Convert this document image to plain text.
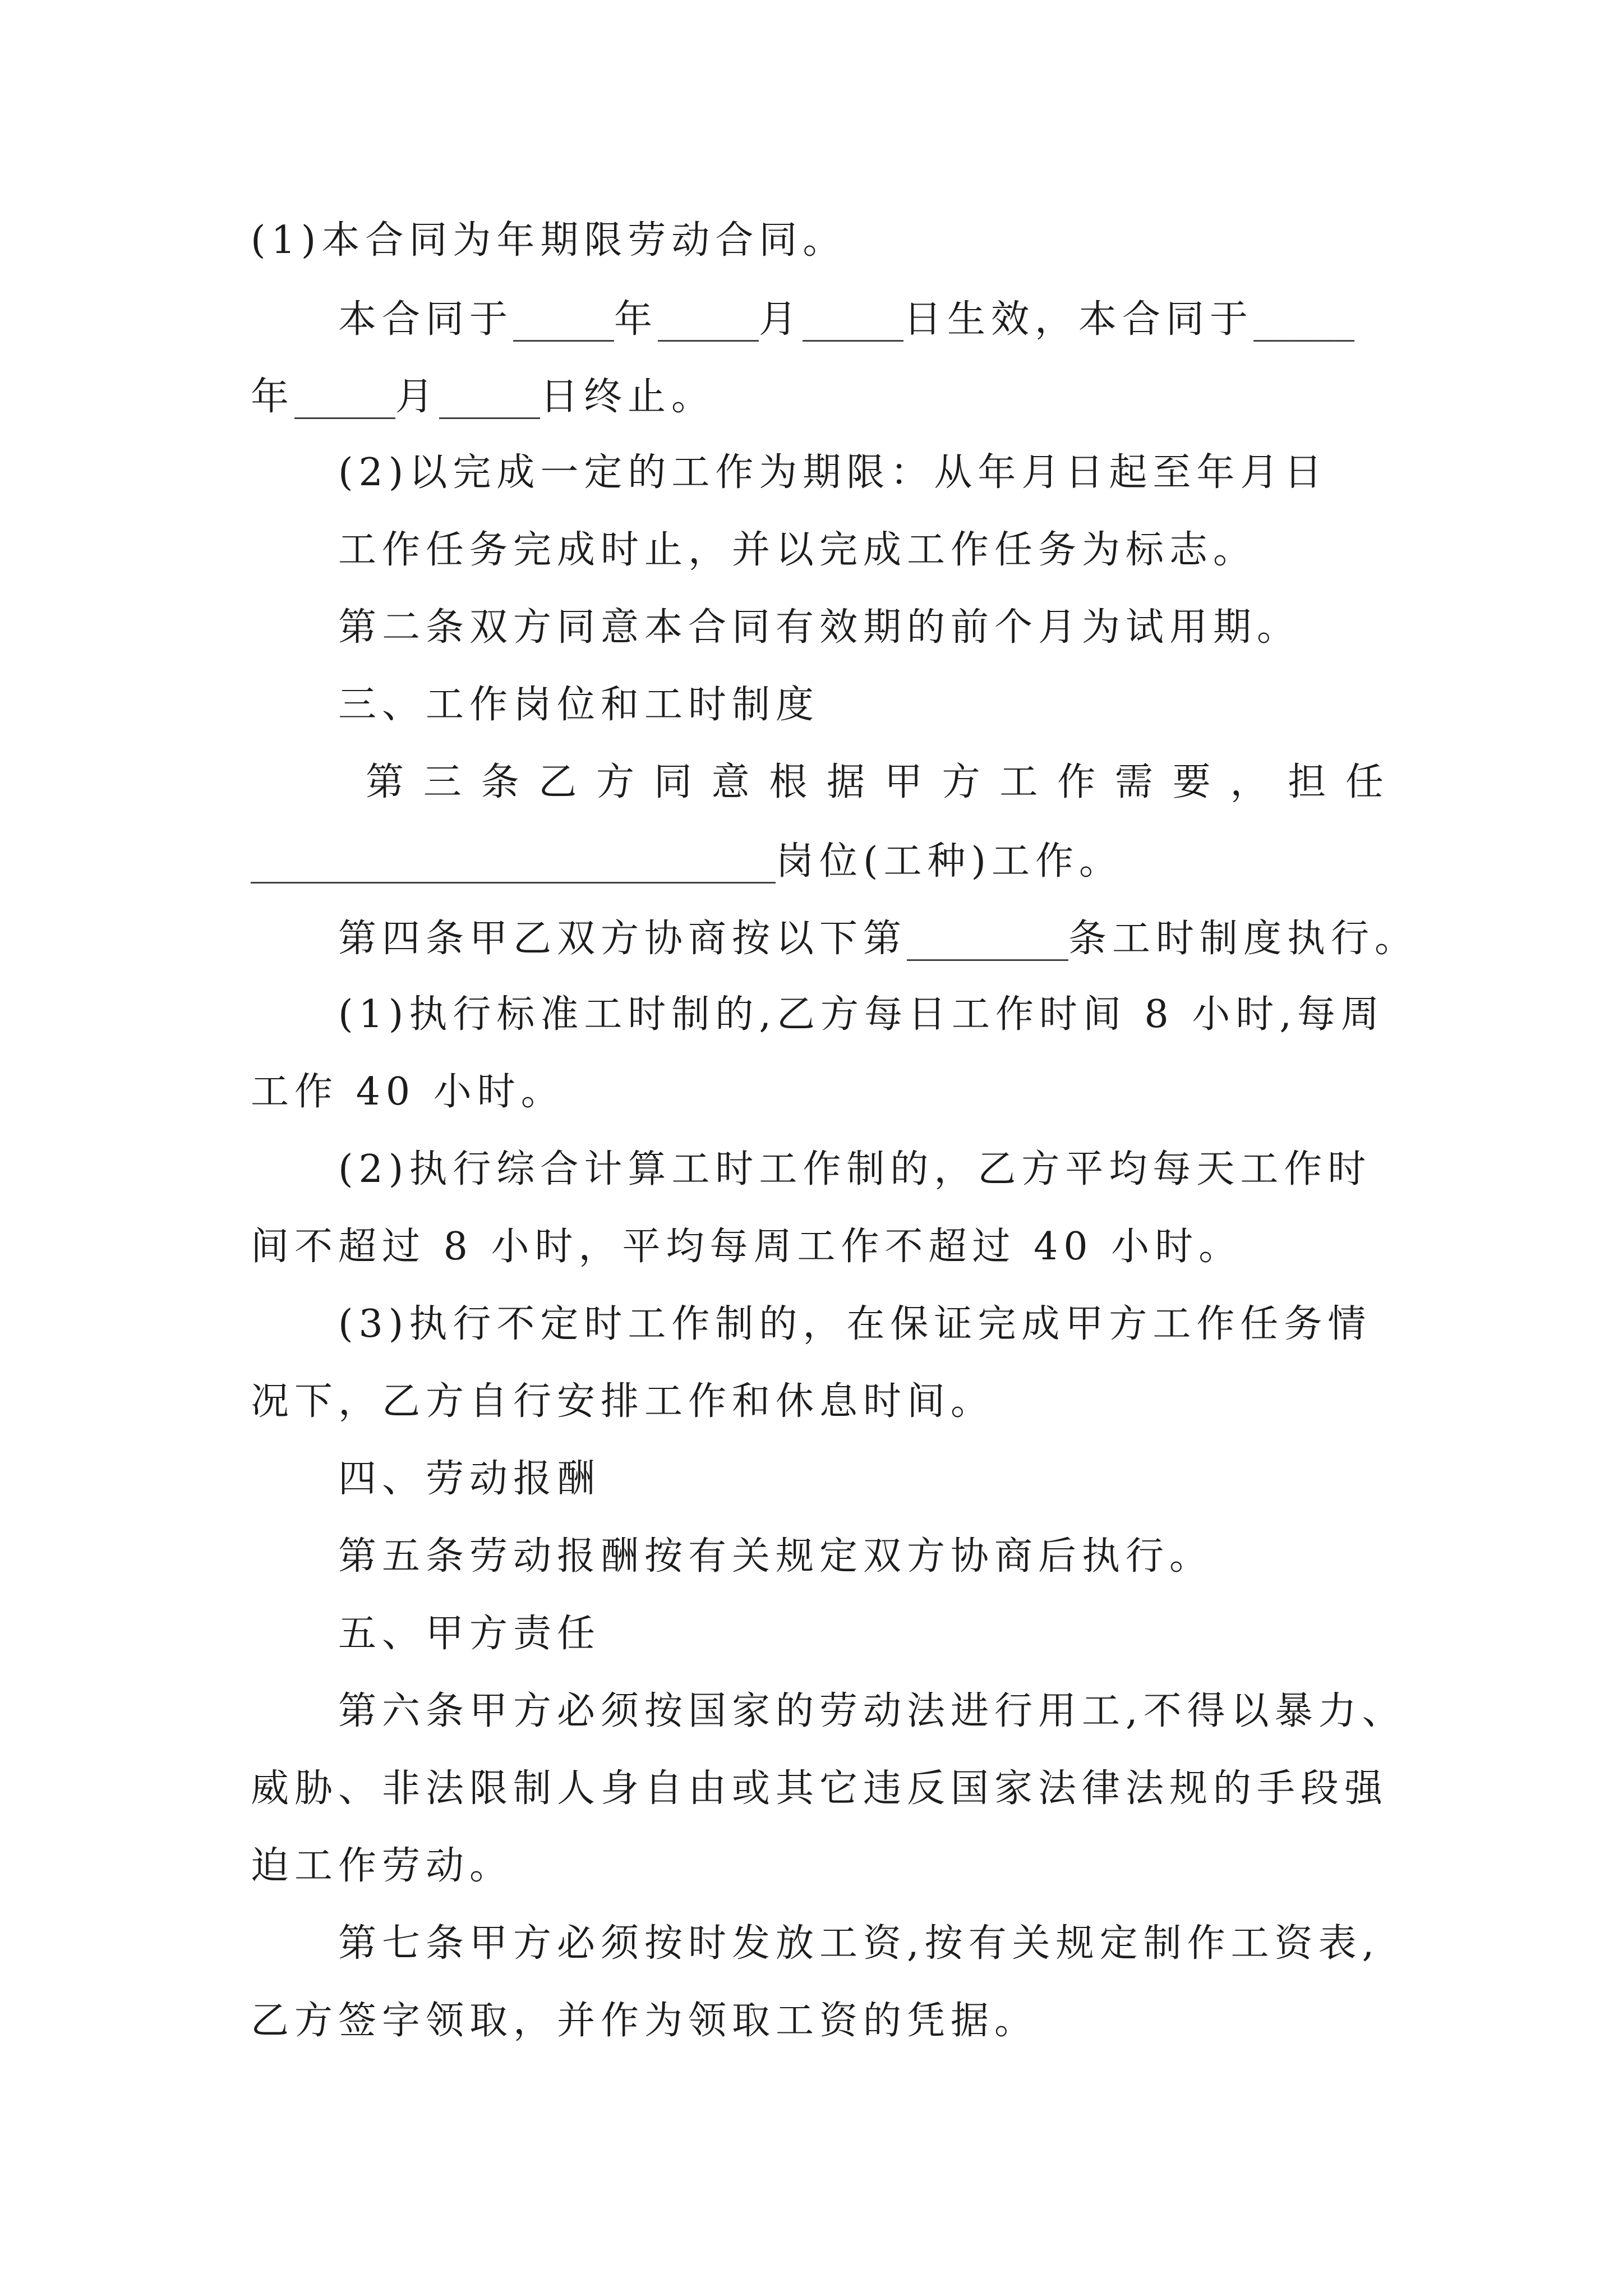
(1)本合同为年期限劳动合同。
本合同于_____年_____月_____日生效，本合同于_____
年_____月_____日终止。
(2)以完成一定的工作为期限：从年月日起至年月日
工作任务完成时止，并以完成工作任务为标志。
第二条双方同意本合同有效期的前个月为试用期。
三、工作岗位和工时制度
第三条乙方同意根据甲方工作需要，担任
__________________________岗位(工种)工作。
第四条甲乙双方协商按以下第________条工时制度执行。
(1)执行标准工时制的,乙方每日工作时间 8 小时,每周
工作 40 小时。
(2)执行综合计算工时工作制的，乙方平均每天工作时
间不超过 8 小时，平均每周工作不超过 40 小时。
(3)执行不定时工作制的，在保证完成甲方工作任务情
况下，乙方自行安排工作和休息时间。
四、劳动报酬
第五条劳动报酬按有关规定双方协商后执行。
五、甲方责任
第六条甲方必须按国家的劳动法进行用工,不得以暴力、
威胁、非法限制人身自由或其它违反国家法律法规的手段强
迫工作劳动。
第七条甲方必须按时发放工资,按有关规定制作工资表,
乙方签字领取，并作为领取工资的凭据。
